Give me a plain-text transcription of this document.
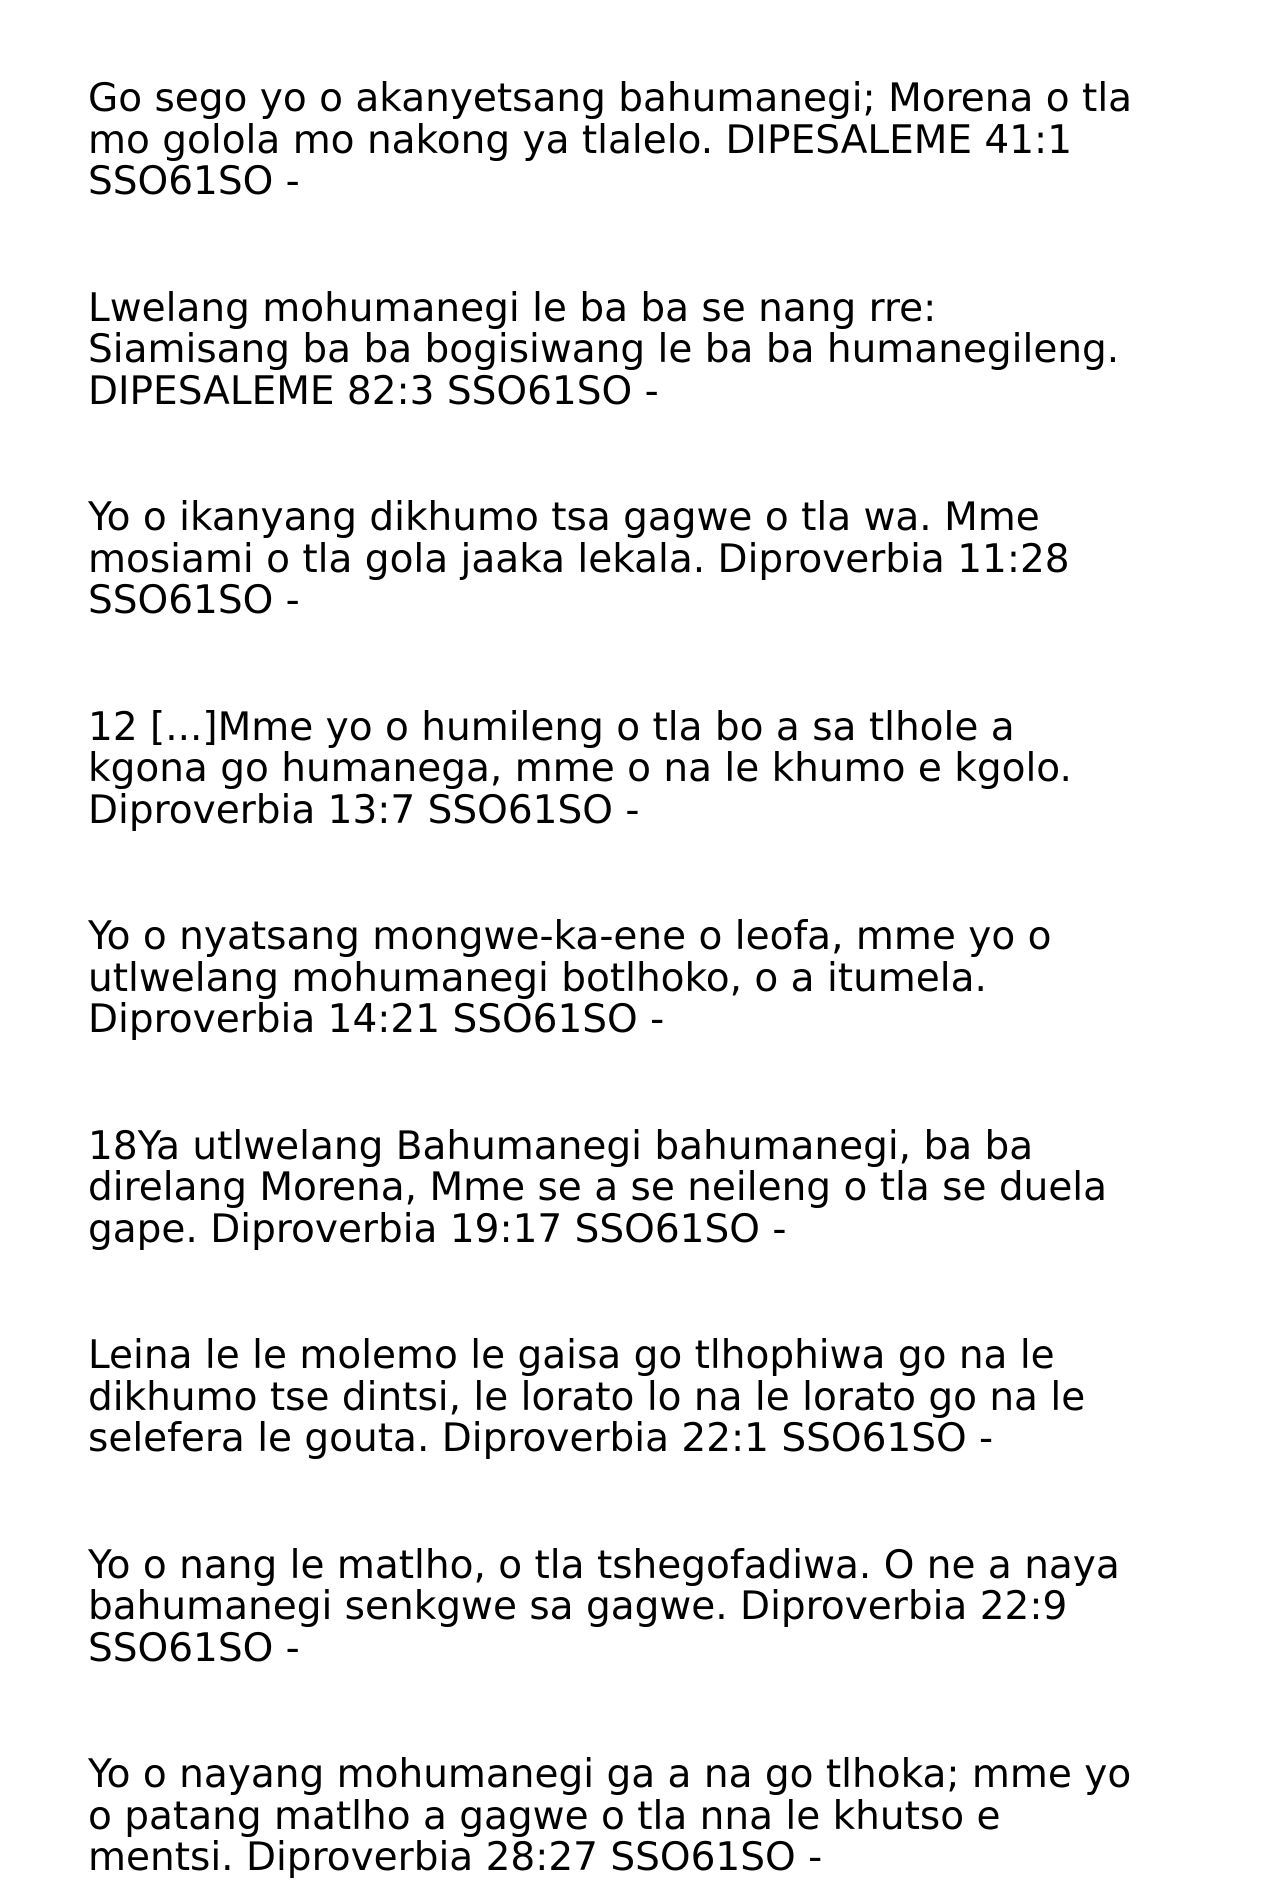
Go sego yo o akanyetsang bahumanegi; Morena o tla
mo golola mo nakong ya tlalelo. DIPESALEME 41:1
SSO61SO -

Lwelang mohumanegi le ba ba se nang rre:
Siamisang ba ba bogisiwang le ba ba humanegileng.
DIPESALEME 82:3 SSO61SO -

Yo o ikanyang dikhumo tsa gagwe o tla wa. Mme
mosiami o tla gola jaaka lekala. Diproverbia 11:28
SSO61SO -

12 [...]Mme yo o humileng o tla bo a sa tlhole a
kgona go humanega, mme o na le khumo e kgolo.
Diproverbia 13:7 SSO61SO -

Yo o nyatsang mongwe-ka-ene o leofa, mme yo o
utlwelang mohumanegi botlhoko, o a itumela.
Diproverbia 14:21 SSO61SO -

18Ya utlwelang Bahumanegi bahumanegi, ba ba
direlang Morena, Mme se a se neileng o tla se duela
gape. Diproverbia 19:17 SSO61SO -

Leina le le molemo le gaisa go tlhophiwa go na le
dikhumo tse dintsi, le lorato lo na le lorato go na le
selefera le gouta. Diproverbia 22:1 SSO61SO -

Yo o nang le matlho, o tla tshegofadiwa. O ne a naya
bahumanegi senkgwe sa gagwe. Diproverbia 22:9
SSO61SO -

Yo o nayang mohumanegi ga a na go tlhoka; mme yo
o patang matlho a gagwe o tla nna le khutso e
mentsi. Diproverbia 28:27 SSO61SO -
